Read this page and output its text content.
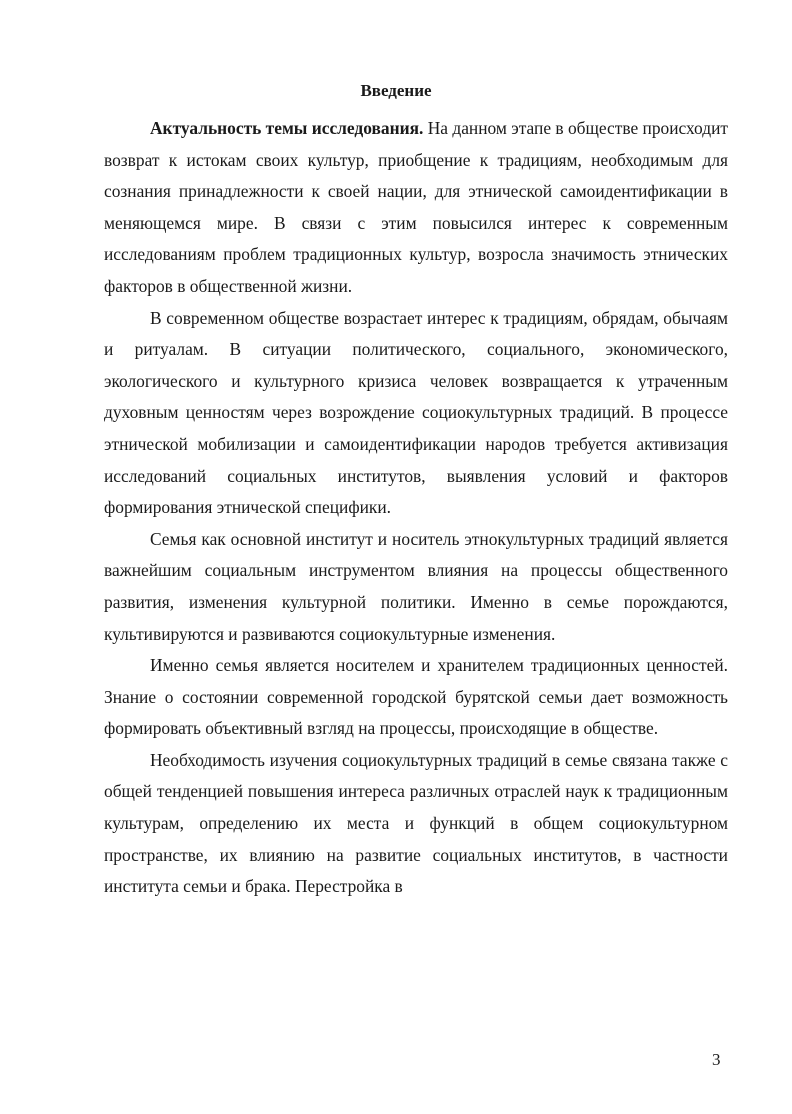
Введение

Актуальность темы исследования. На данном этапе в обществе происходит возврат к истокам своих культур, приобщение к традициям, необходимым для сознания принадлежности к своей нации, для этнической самоидентификации в меняющемся мире. В связи с этим повысился интерес к современным исследованиям проблем традиционных культур, возросла значимость этнических факторов в общественной жизни.

В современном обществе возрастает интерес к традициям, обрядам, обычаям и ритуалам. В ситуации политического, социального, экономического, экологического и культурного кризиса человек возвращается к утраченным духовным ценностям через возрождение социокультурных традиций. В процессе этнической мобилизации и самоидентификации народов требуется активизация исследований социальных институтов, выявления условий и факторов формирования этнической специфики.

Семья как основной институт и носитель этнокультурных традиций является важнейшим социальным инструментом влияния на процессы общественного развития, изменения культурной политики. Именно в семье порождаются, культивируются и развиваются социокультурные изменения.

Именно семья является носителем и хранителем традиционных ценностей. Знание о состоянии современной городской бурятской семьи дает возможность формировать объективный взгляд на процессы, происходящие в обществе.

Необходимость изучения социокультурных традиций в семье связана также с общей тенденцией повышения интереса различных отраслей наук к традиционным культурам, определению их места и функций в общем социокультурном пространстве, их влиянию на развитие социальных институтов, в частности института семьи и брака. Перестройка в

3
